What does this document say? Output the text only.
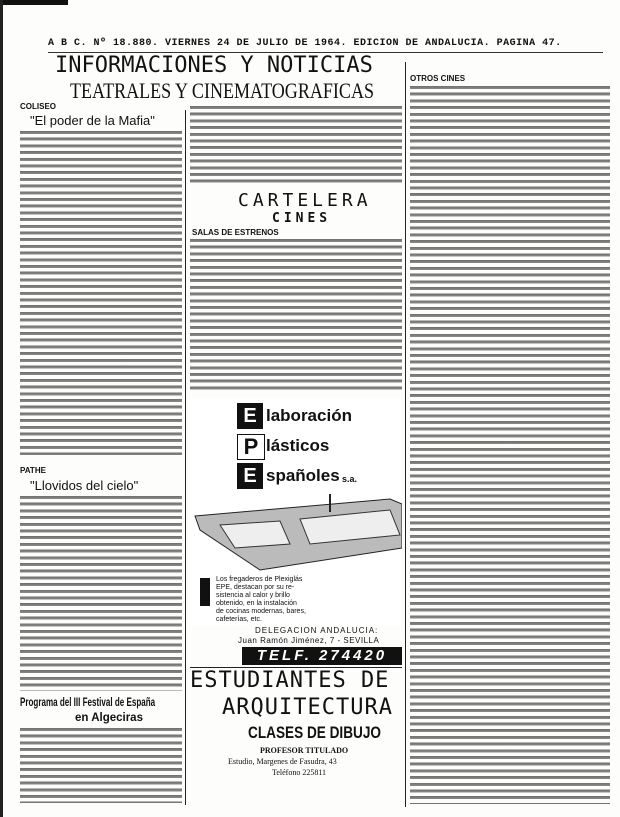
A B C. Nº 18.880. VIERNES 24 DE JULIO DE 1964. EDICION DE ANDALUCIA. PAGINA 47.
INFORMACIONES Y NOTICIAS
TEATRALES Y CINEMATOGRAFICAS
COLISEO
"El poder de la Mafia"
PATHE
"Llovidos del cielo"
Programa del III Festival de España
en Algeciras
CARTELERA
CINES
SALAS DE ESTRENOS
E laboración
P lásticos
E spañoles s.a.
Los fregaderos de Plexiglás
EPE, destacan por su re-
sistencia al calor y brillo
obtenido, en la instalación
de cocinas modernas, bares,
cafeterías, etc.
DELEGACION ANDALUCIA:
Juan Ramón Jiménez, 7 - SEVILLA
TELF. 274420
ESTUDIANTES DE
ARQUITECTURA
CLASES DE DIBUJO
PROFESOR TITULADO
Estudio, Margenes de Fasudra, 43
Teléfono 225811
OTROS CINES
